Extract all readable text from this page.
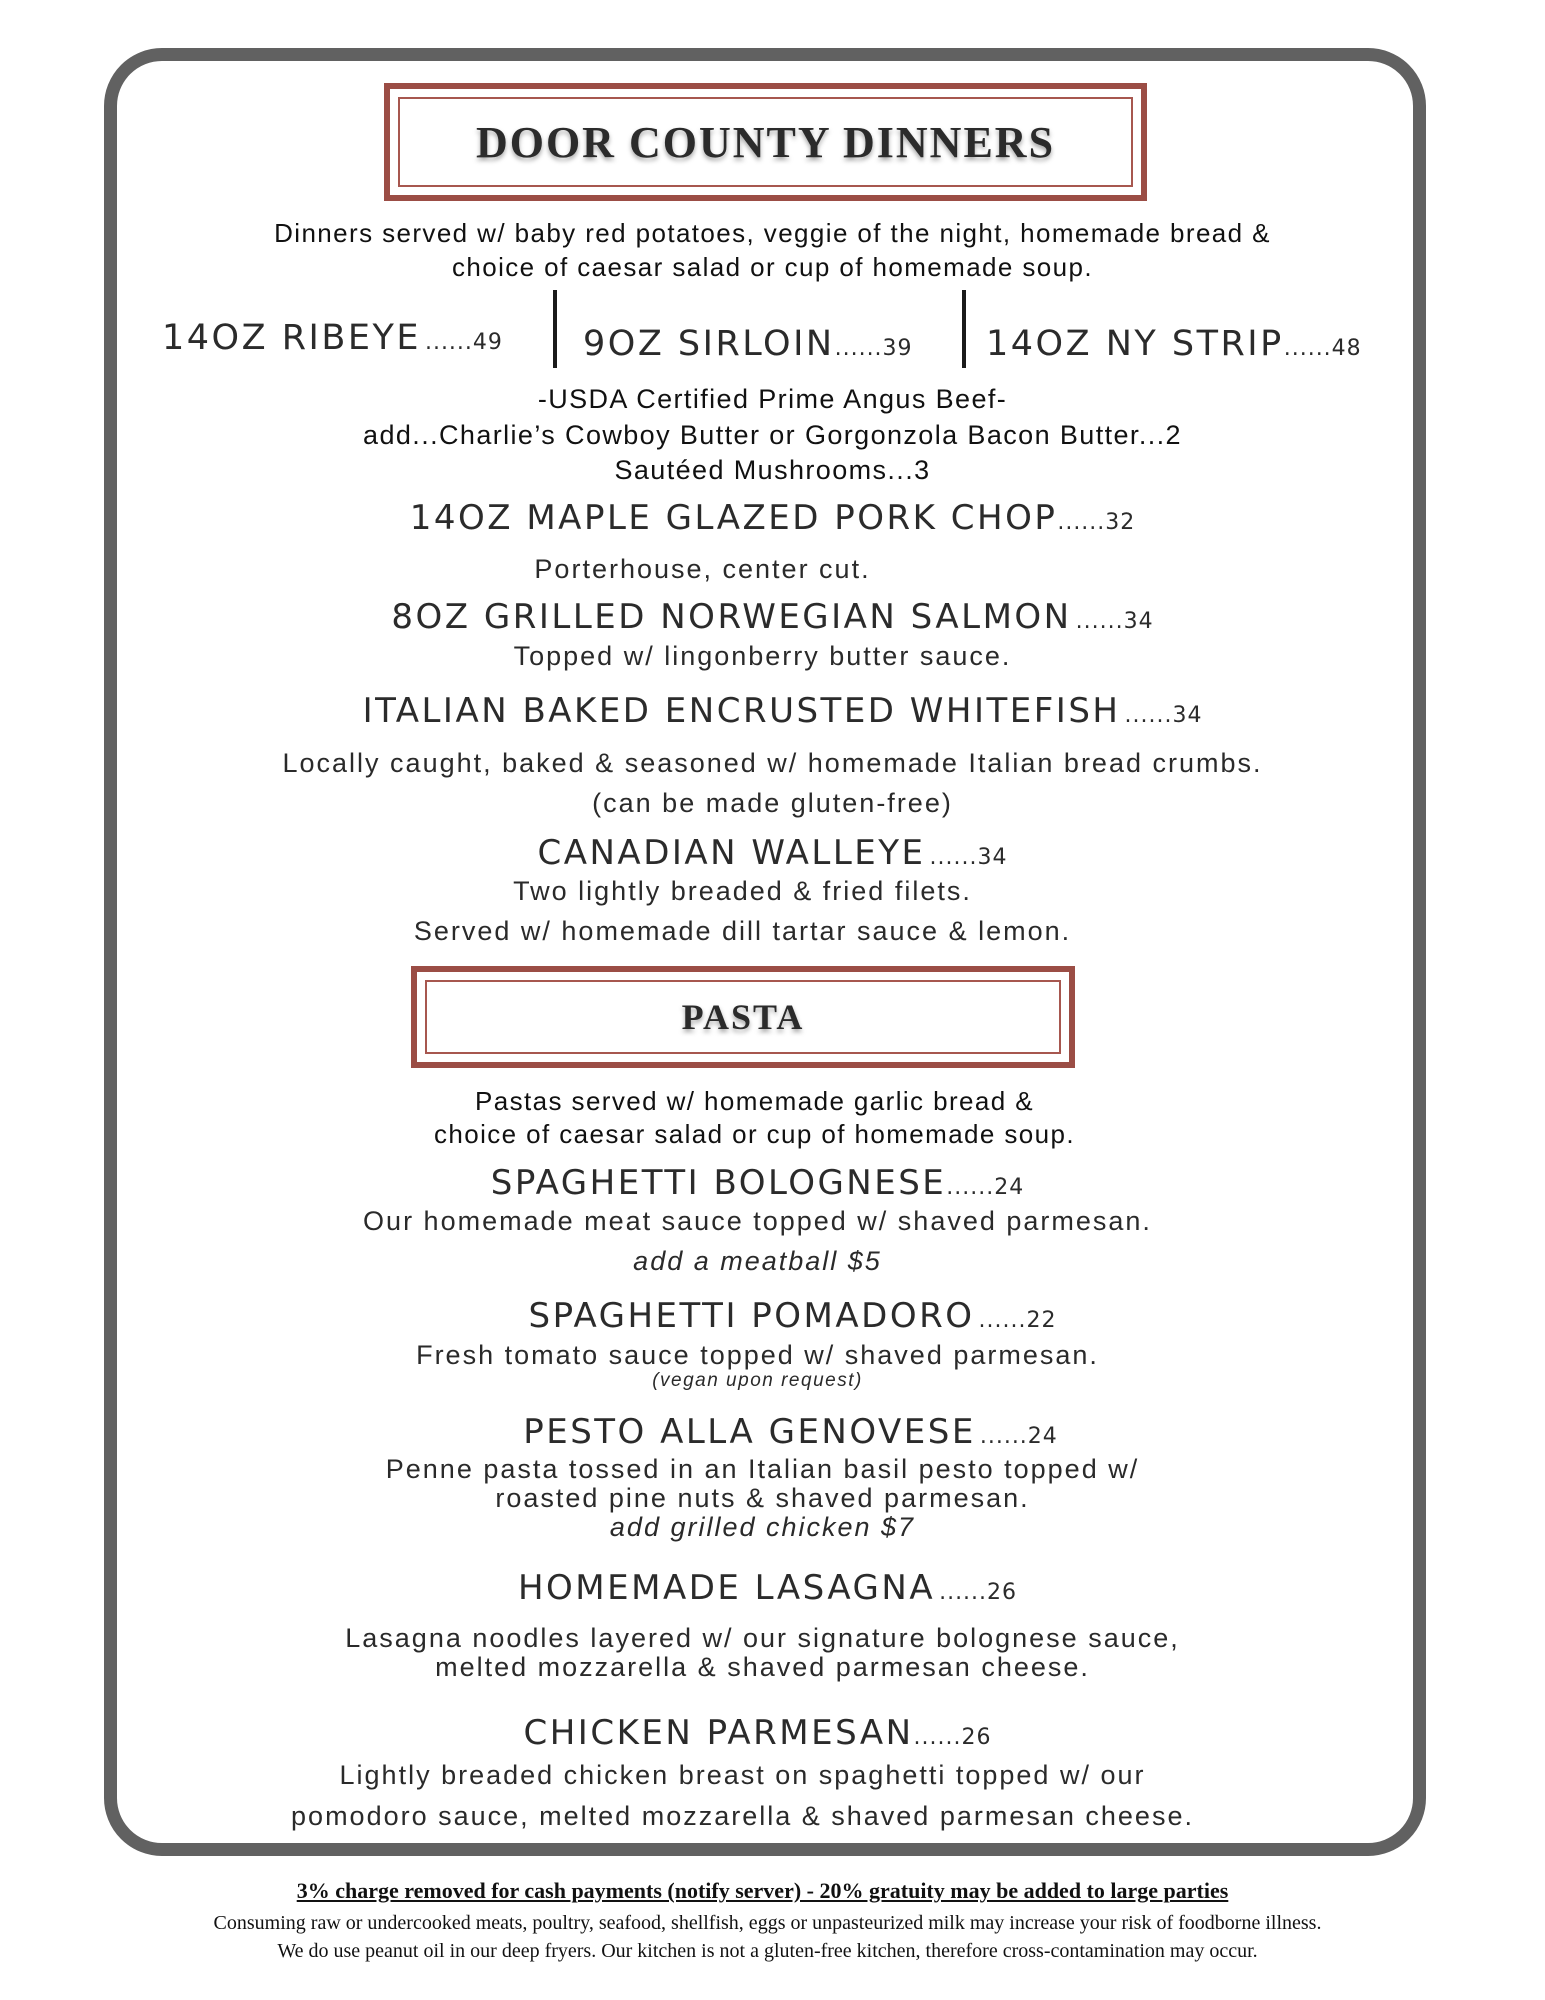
DOOR COUNTY DINNERS
Dinners served w/ baby red potatoes, veggie of the night, homemade bread &
choice of caesar salad or cup of homemade soup.
14OZ RIBEYE ......49 9OZ SIRLOIN......39 14OZ NY STRIP......48
-USDA Certified Prime Angus Beef-
add...Charlie’s Cowboy Butter or Gorgonzola Bacon Butter...2
Sautéed Mushrooms...3
14OZ MAPLE GLAZED PORK CHOP......32
Porterhouse, center cut.
8OZ GRILLED NORWEGIAN SALMON ......34
Topped w/ lingonberry butter sauce.
ITALIAN BAKED ENCRUSTED WHITEFISH ......34
Locally caught, baked & seasoned w/ homemade Italian bread crumbs.
(can be made gluten-free)
CANADIAN WALLEYE ......34
Two lightly breaded & fried filets.
Served w/ homemade dill tartar sauce & lemon.
PASTA
Pastas served w/ homemade garlic bread &
choice of caesar salad or cup of homemade soup.
SPAGHETTI BOLOGNESE......24
Our homemade meat sauce topped w/ shaved parmesan.
add a meatball $5
SPAGHETTI POMADORO ......22
Fresh tomato sauce topped w/ shaved parmesan.
(vegan upon request)
PESTO ALLA GENOVESE ......24
Penne pasta tossed in an Italian basil pesto topped w/
roasted pine nuts & shaved parmesan.
add grilled chicken $7
HOMEMADE LASAGNA ......26
Lasagna noodles layered w/ our signature bolognese sauce,
melted mozzarella & shaved parmesan cheese.
CHICKEN PARMESAN......26
Lightly breaded chicken breast on spaghetti topped w/ our
pomodoro sauce, melted mozzarella & shaved parmesan cheese.
3% charge removed for cash payments (notify server) - 20% gratuity may be added to large parties
Consuming raw or undercooked meats, poultry, seafood, shellfish, eggs or unpasteurized milk may increase your risk of foodborne illness.
We do use peanut oil in our deep fryers. Our kitchen is not a gluten-free kitchen, therefore cross-contamination may occur.
